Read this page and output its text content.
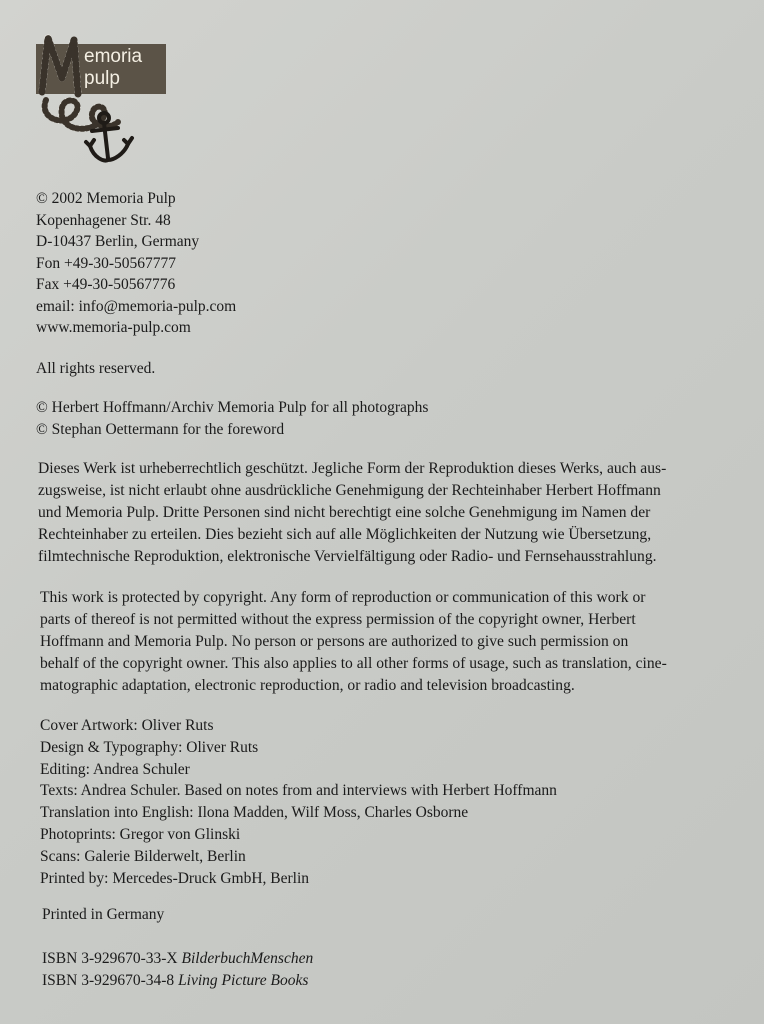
emoria
pulp
© 2002 Memoria Pulp
Kopenhagener Str. 48
D-10437 Berlin, Germany
Fon +49-30-50567777
Fax +49-30-50567776
email: info@memoria-pulp.com
www.memoria-pulp.com
All rights reserved.
© Herbert Hoffmann/Archiv Memoria Pulp for all photographs
© Stephan Oettermann for the foreword
Dieses Werk ist urheberrechtlich geschützt. Jegliche Form der Reproduktion dieses Werks, auch aus-
zugsweise, ist nicht erlaubt ohne ausdrückliche Genehmigung der Rechteinhaber Herbert Hoffmann
und Memoria Pulp. Dritte Personen sind nicht berechtigt eine solche Genehmigung im Namen der
Rechteinhaber zu erteilen. Dies bezieht sich auf alle Möglichkeiten der Nutzung wie Übersetzung,
filmtechnische Reproduktion, elektronische Vervielfältigung oder Radio- und Fernsehausstrahlung.
This work is protected by copyright. Any form of reproduction or communication of this work or
parts of thereof is not permitted without the express permission of the copyright owner, Herbert
Hoffmann and Memoria Pulp. No person or persons are authorized to give such permission on
behalf of the copyright owner. This also applies to all other forms of usage, such as translation, cine-
matographic adaptation, electronic reproduction, or radio and television broadcasting.
Cover Artwork: Oliver Ruts
Design & Typography: Oliver Ruts
Editing: Andrea Schuler
Texts: Andrea Schuler. Based on notes from and interviews with Herbert Hoffmann
Translation into English: Ilona Madden, Wilf Moss, Charles Osborne
Photoprints: Gregor von Glinski
Scans: Galerie Bilderwelt, Berlin
Printed by: Mercedes-Druck GmbH, Berlin
Printed in Germany
ISBN 3-929670-33-X BilderbuchMenschen
ISBN 3-929670-34-8 Living Picture Books
